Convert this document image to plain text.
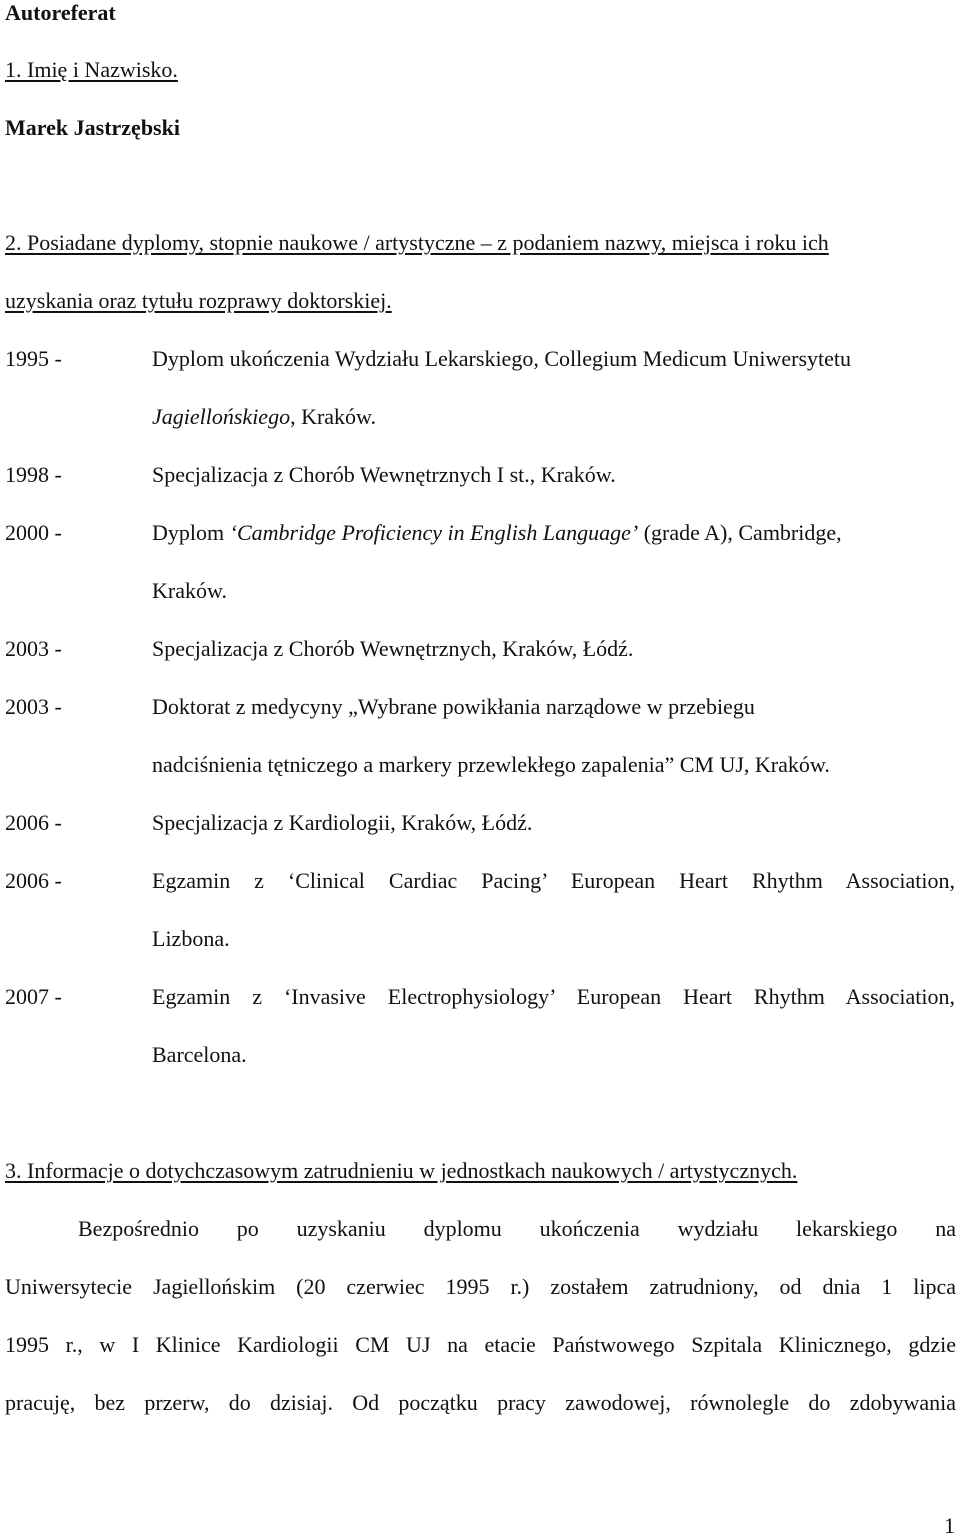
Autoreferat
1. Imię i Nazwisko.
Marek Jastrzębski
2. Posiadane dyplomy, stopnie naukowe / artystyczne – z podaniem nazwy, miejsca i roku ich
uzyskania oraz tytułu rozprawy doktorskiej.
1995 -	Dyplom ukończenia Wydziału Lekarskiego, Collegium Medicum Uniwersytetu
Jagiellońskiego, Kraków.
1998 -	Specjalizacja z Chorób Wewnętrznych I st., Kraków.
2000 -	Dyplom ‘Cambridge Proficiency in English Language’ (grade A), Cambridge,
Kraków.
2003 -	Specjalizacja z Chorób Wewnętrznych, Kraków, Łódź.
2003 -	Doktorat z medycyny „Wybrane powikłania narządowe w przebiegu
nadciśnienia tętniczego a markery przewlekłego zapalenia” CM UJ, Kraków.
2006 -	Specjalizacja z Kardiologii, Kraków, Łódź.
2006 -	Egzamin z ‘Clinical Cardiac Pacing’ European Heart Rhythm Association,
Lizbona.
2007 -	Egzamin z ‘Invasive Electrophysiology’ European Heart Rhythm Association,
Barcelona.
3. Informacje o dotychczasowym zatrudnieniu w jednostkach naukowych / artystycznych.
Bezpośrednio po uzyskaniu dyplomu ukończenia wydziału lekarskiego na
Uniwersytecie Jagiellońskim (20 czerwiec 1995 r.) zostałem zatrudniony, od dnia 1 lipca
1995 r., w I Klinice Kardiologii CM UJ na etacie Państwowego Szpitala Klinicznego, gdzie
pracuję, bez przerw, do dzisiaj. Od początku pracy zawodowej, równolegle do zdobywania
1
